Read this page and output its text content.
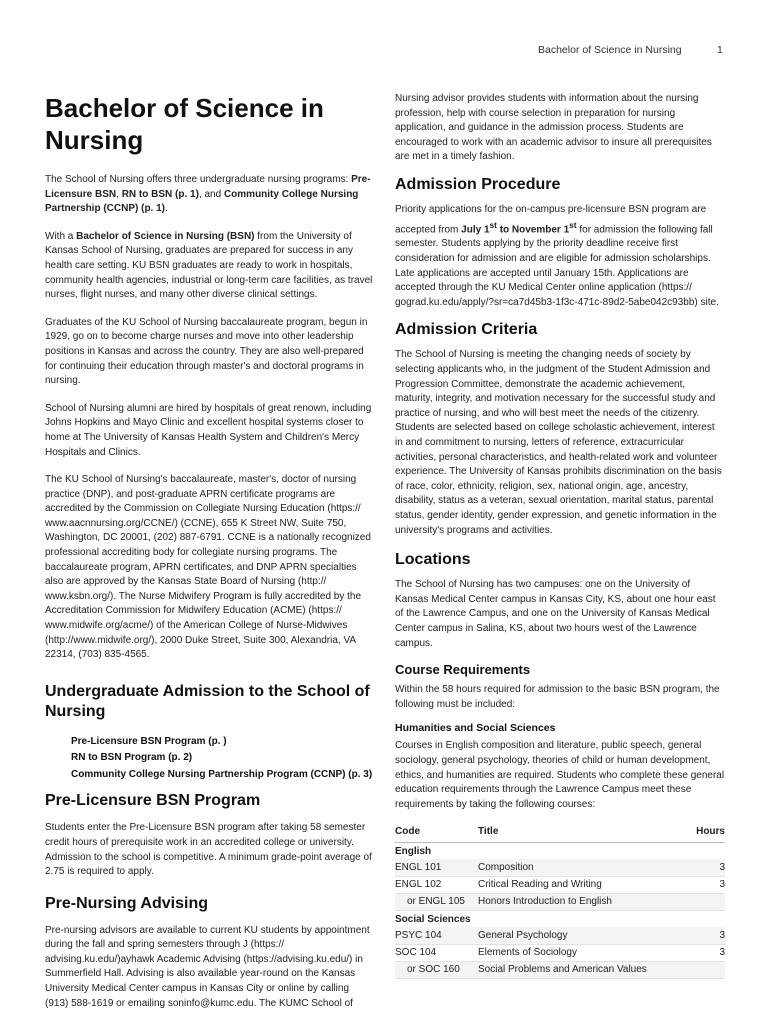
Bachelor of Science in Nursing	1
Bachelor of Science in Nursing

The School of Nursing offers three undergraduate nursing programs: Pre-Licensure BSN, RN to BSN (p. 1), and Community College Nursing Partnership (CCNP) (p. 1).

With a Bachelor of Science in Nursing (BSN) from the University of Kansas School of Nursing, graduates are prepared for success in any health care setting. KU BSN graduates are ready to work in hospitals, community health agencies, industrial or long-term care facilities, as travel nurses, flight nurses, and many other diverse clinical settings.

Graduates of the KU School of Nursing baccalaureate program, begun in 1929, go on to become charge nurses and move into other leadership positions in Kansas and across the country. They are also well-prepared for continuing their education through master's and doctoral programs in nursing.

School of Nursing alumni are hired by hospitals of great renown, including Johns Hopkins and Mayo Clinic and excellent hospital systems closer to home at The University of Kansas Health System and Children's Mercy Hospitals and Clinics.

The KU School of Nursing's baccalaureate, master's, doctor of nursing practice (DNP), and post-graduate APRN certificate programs are accredited by the Commission on Collegiate Nursing Education (https:// www.aacnnursing.org/CCNE/) (CCNE), 655 K Street NW, Suite 750, Washington, DC 20001, (202) 887-6791. CCNE is a nationally recognized professional accrediting body for collegiate nursing programs. The baccalaureate program, APRN certificates, and DNP APRN specialties also are approved by the Kansas State Board of Nursing (http:// www.ksbn.org/). The Nurse Midwifery Program is fully accredited by the Accreditation Commission for Midwifery Education (ACME) (https:// www.midwife.org/acme/) of the American College of Nurse-Midwives (http://www.midwife.org/), 2000 Duke Street, Suite 300, Alexandria, VA 22314, (703) 835-4565.

Undergraduate Admission to the School of Nursing
Pre-Licensure BSN Program (p. )
RN to BSN Program (p. 2)
Community College Nursing Partnership Program (CCNP) (p. 3)
Pre-Licensure BSN Program

Students enter the Pre-Licensure BSN program after taking 58 semester credit hours of prerequisite work in an accredited college or university. Admission to the school is competitive. A minimum grade-point average of 2.75 is required to apply.

Pre-Nursing Advising

Pre-nursing advisors are available to current KU students by appointment during the fall and spring semesters through J (https:// advising.ku.edu/)ayhawk Academic Advising (https://advising.ku.edu/) in Summerfield Hall. Advising is also available year-round on the Kansas University Medical Center campus in Kansas City or online by calling (913) 588-1619 or emailing soninfo@kumc.edu. The KUMC School of

Nursing advisor provides students with information about the nursing profession, help with course selection in preparation for nursing application, and guidance in the admission process. Students are encouraged to work with an academic advisor to insure all prerequisites are met in a timely fashion.

Admission Procedure

Priority applications for the on-campus pre-licensure BSN program are accepted from July 1st to November 1st for admission the following fall semester. Students applying by the priority deadline receive first consideration for admission and are eligible for admission scholarships. Late applications are accepted until January 15th. Applications are accepted through the KU Medical Center online application (https:// gograd.ku.edu/apply/?sr=ca7d45b3-1f3c-471c-89d2-5abe042c93bb) site.

Admission Criteria

The School of Nursing is meeting the changing needs of society by selecting applicants who, in the judgment of the Student Admission and Progression Committee, demonstrate the academic achievement, maturity, integrity, and motivation necessary for the successful study and practice of nursing, and who will best meet the needs of the citizenry. Students are selected based on college scholastic achievement, interest in and commitment to nursing, letters of reference, extracurricular activities, personal characteristics, and health-related work and volunteer experience. The University of Kansas prohibits discrimination on the basis of race, color, ethnicity, religion, sex, national origin, age, ancestry, disability, status as a veteran, sexual orientation, marital status, parental status, gender identity, gender expression, and genetic information in the university's programs and activities.

Locations

The School of Nursing has two campuses: one on the University of Kansas Medical Center campus in Kansas City, KS, about one hour east of the Lawrence Campus, and one on the University of Kansas Medical Center campus in Salina, KS, about two hours west of the Lawrence campus.

Course Requirements

Within the 58 hours required for admission to the basic BSN program, the following must be included:

Humanities and Social Sciences

Courses in English composition and literature, public speech, general sociology, general psychology, theories of child or human development, ethics, and humanities are required. Students who complete these general education requirements through the Lawrence Campus meet these requirements by taking the following courses:

Code	Title	Hours
English		
ENGL 101	Composition	3
ENGL 102	Critical Reading and Writing	3
or ENGL 105	Honors Introduction to English	
Social Sciences		
PSYC 104	General Psychology	3
SOC 104	Elements of Sociology	3
or SOC 160	Social Problems and American Values	
